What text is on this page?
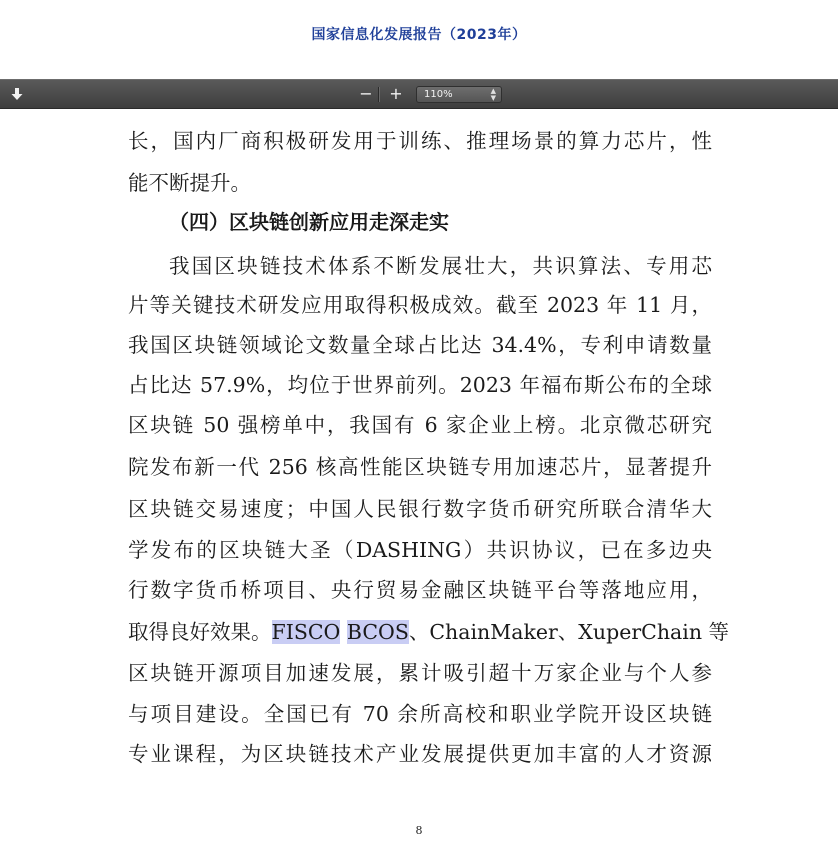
国家信息化发展报告（2023年）
− +	110%	▲
▼
长，国内厂商积极研发用于训练、推理场景的算力芯片，性
能不断提升。
（四）区块链创新应用走深走实
我国区块链技术体系不断发展壮大，共识算法、专用芯
片等关键技术研发应用取得积极成效。截至 2023 年 11 月，
我国区块链领域论文数量全球占比达 34.4%，专利申请数量
占比达 57.9%，均位于世界前列。2023 年福布斯公布的全球
区块链 50 强榜单中，我国有 6 家企业上榜。北京微芯研究
院发布新一代 256 核高性能区块链专用加速芯片，显著提升
区块链交易速度；中国人民银行数字货币研究所联合清华大
学发布的区块链大圣（DASHING）共识协议，已在多边央
行数字货币桥项目、央行贸易金融区块链平台等落地应用，
取得良好效果。FISCO BCOS、ChainMaker、XuperChain 等
区块链开源项目加速发展，累计吸引超十万家企业与个人参
与项目建设。全国已有 70 余所高校和职业学院开设区块链
专业课程，为区块链技术产业发展提供更加丰富的人才资源
8
